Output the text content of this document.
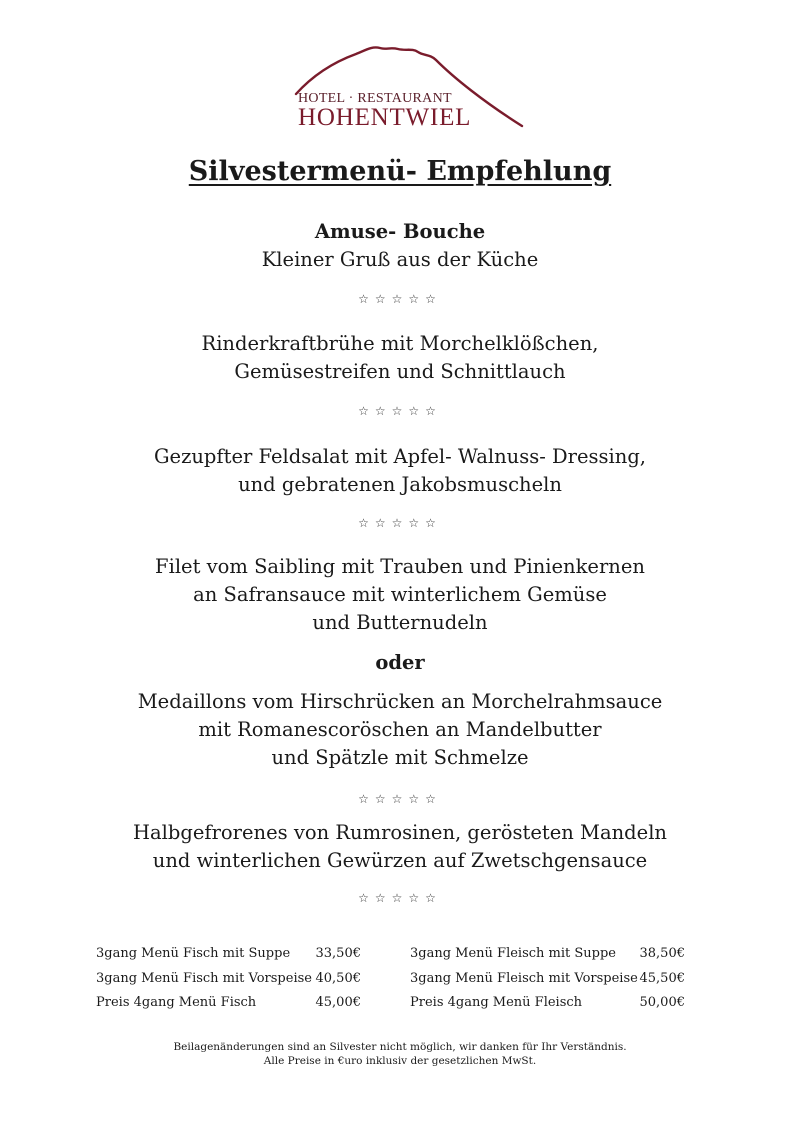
HOTEL · RESTAURANT
HOHENTWIEL
Silvestermenü- Empfehlung
Amuse- Bouche
Kleiner Gruß aus der Küche
☆☆☆☆☆
Rinderkraftbrühe mit Morchelklößchen,
Gemüsestreifen und Schnittlauch
☆☆☆☆☆
Gezupfter Feldsalat mit Apfel- Walnuss- Dressing,
und gebratenen Jakobsmuscheln
☆☆☆☆☆
Filet vom Saibling mit Trauben und Pinienkernen
an Safransauce mit winterlichem Gemüse
und Butternudeln
oder
Medaillons vom Hirschrücken an Morchelrahmsauce
mit Romanescoröschen an Mandelbutter
und Spätzle mit Schmelze
☆☆☆☆☆
Halbgefrorenes von Rumrosinen, gerösteten Mandeln
und winterlichen Gewürzen auf Zwetschgensauce
☆☆☆☆☆
3gang Menü Fisch mit Suppe 33,50€
3gang Menü Fisch mit Vorspeise 40,50€
Preis 4gang Menü Fisch	45,00€
3gang Menü Fleisch mit Suppe 38,50€
3gang Menü Fleisch mit Vorspeise 45,50€
Preis 4gang Menü Fleisch	50,00€
Beilagenänderungen sind an Silvester nicht möglich, wir danken für Ihr Verständnis.
Alle Preise in €uro inklusiv der gesetzlichen MwSt.
